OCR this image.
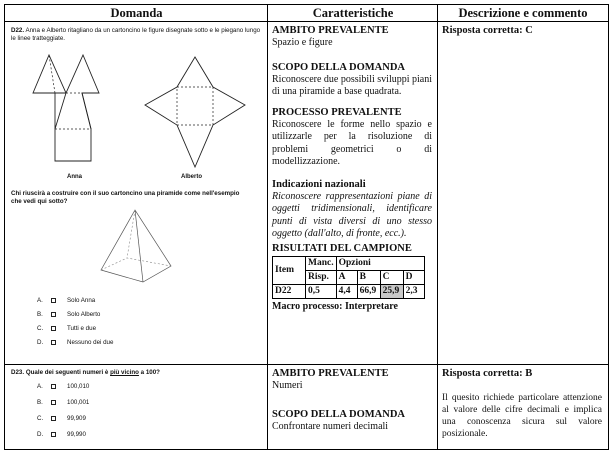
Domanda	Caratteristiche	Descrizione e commento
D22. Anna e Alberto ritagliano da un cartoncino le figure disegnate sotto e le piegano lungo le linee tratteggiate.
Anna	Alberto
Chi riuscirà a costruire con il suo cartoncino una piramide come nell'esempio che vedi qui sotto?
A.	Solo Anna
B.	Solo Alberto
C.	Tutti e due
D.	Nessuno dei due
AMBITO PREVALENTE
Spazio e figure
SCOPO DELLA DOMANDA
Riconoscere due possibili sviluppi piani di una piramide a base quadrata.
PROCESSO PREVALENTE
Riconoscere le forme nello spazio e utilizzarle per la risoluzione di problemi geometrici o di modellizzazione.
Indicazioni nazionali
Riconoscere rappresentazioni piane di oggetti tridimensionali, identificare punti di vista diversi di uno stesso oggetto (dall'alto, di fronte, ecc.).
RISULTATI DEL CAMPIONE
Item	Manc.	Opzioni			
	Risp.	A	B	C	D
D22	0,5	4,4	66,9	25,9	2,3
Macro processo: Interpretare
Risposta corretta: C
D23. Quale dei seguenti numeri è più vicino a 100?
A.	100,010
B.	100,001
C.	99,909
D.	99,990
AMBITO PREVALENTE
Numeri
SCOPO DELLA DOMANDA
Confrontare numeri decimali
Risposta corretta: B
Il quesito richiede particolare attenzione al valore delle cifre decimali e implica una conoscenza sicura sul valore posizionale.
